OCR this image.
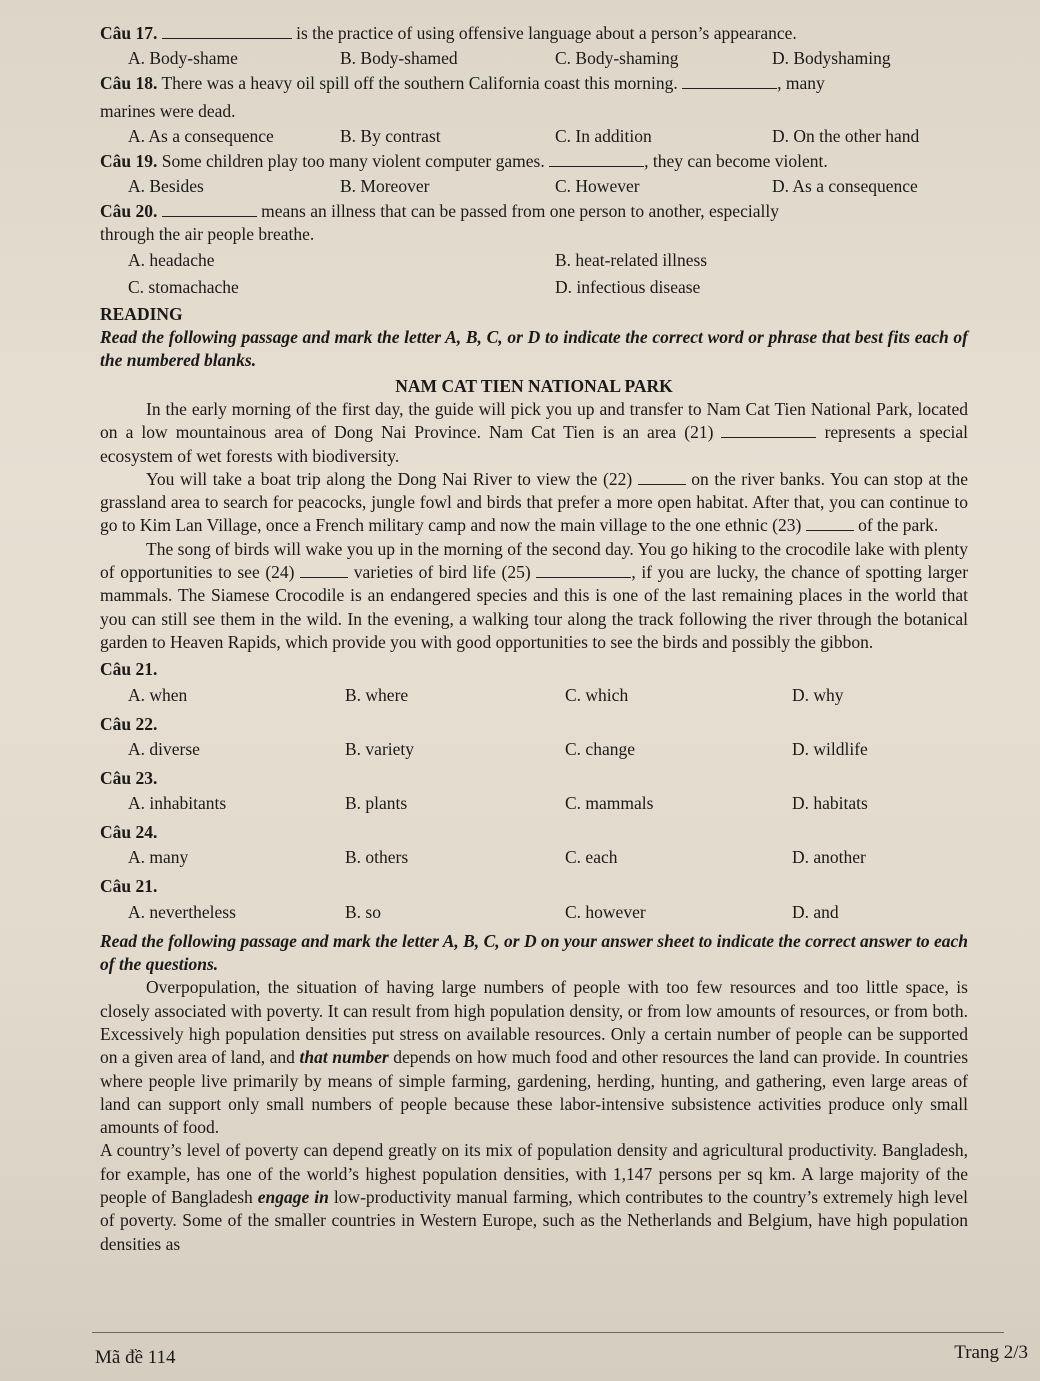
Câu 17.	is the practice of using offensive language about a person’s appearance.
A. Body-shame	B. Body-shamed	C. Body-shaming	D. Bodyshaming
Câu 18. There was a heavy oil spill off the southern California coast this morning.	, many
marines were dead.
A. As a consequence	B. By contrast	C. In addition	D. On the other hand
Câu 19. Some children play too many violent computer games.	, they can become violent.
A. Besides	B. Moreover	C. However	D. As a consequence
Câu 20.	means an illness that can be passed from one person to another, especially
through the air people breathe.
A. headache	B. heat-related illness
C. stomachache	D. infectious disease
READING

Read the following passage and mark the letter A, B, C, or D to indicate the correct word or phrase that best fits each of the numbered blanks.

NAM CAT TIEN NATIONAL PARK

In the early morning of the first day, the guide will pick you up and transfer to Nam Cat Tien National Park, located on a low mountainous area of Dong Nai Province. Nam Cat Tien is an area (21)	represents a special ecosystem of wet forests with biodiversity.

You will take a boat trip along the Dong Nai River to view the (22)	on the river banks. You can stop at the grassland area to search for peacocks, jungle fowl and birds that prefer a more open habitat. After that, you can continue to go to Kim Lan Village, once a French military camp and now the main village to the one ethnic (23)	of the park.

The song of birds will wake you up in the morning of the second day. You go hiking to the crocodile lake with plenty of opportunities to see (24)	varieties of bird life (25)	, if you are lucky, the chance of spotting larger mammals. The Siamese Crocodile is an endangered species and this is one of the last remaining places in the world that you can still see them in the wild. In the evening, a walking tour along the track following the river through the botanical garden to Heaven Rapids, which provide you with good opportunities to see the birds and possibly the gibbon.

Câu 21.
A. when	B. where	C. which	D. why
Câu 22.
A. diverse	B. variety	C. change	D. wildlife
Câu 23.
A. inhabitants	B. plants	C. mammals	D. habitats
Câu 24.
A. many	B. others	C. each	D. another
Câu 21.
A. nevertheless	B. so	C. however	D. and

Read the following passage and mark the letter A, B, C, or D on your answer sheet to indicate the correct answer to each of the questions.

Overpopulation, the situation of having large numbers of people with too few resources and too little space, is closely associated with poverty. It can result from high population density, or from low amounts of resources, or from both. Excessively high population densities put stress on available resources. Only a certain number of people can be supported on a given area of land, and that number depends on how much food and other resources the land can provide. In countries where people live primarily by means of simple farming, gardening, herding, hunting, and gathering, even large areas of land can support only small numbers of people because these labor-intensive subsistence activities produce only small amounts of food.

A country’s level of poverty can depend greatly on its mix of population density and agricultural productivity. Bangladesh, for example, has one of the world’s highest population densities, with 1,147 persons per sq km. A large majority of the people of Bangladesh engage in low-productivity manual farming, which contributes to the country’s extremely high level of poverty. Some of the smaller countries in Western Europe, such as the Netherlands and Belgium, have high population densities as

Mã đề 114	Trang 2/3
